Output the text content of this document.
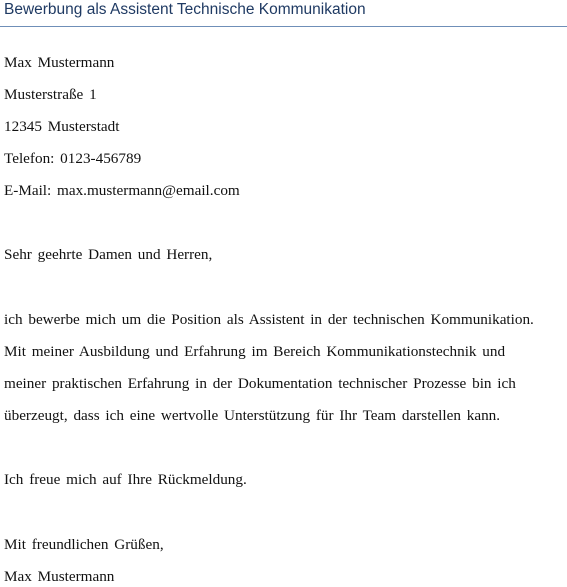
Bewerbung als Assistent Technische Kommunikation
Max Mustermann
Musterstraße 1
12345 Musterstadt
Telefon: 0123-456789
E-Mail: max.mustermann@email.com
Sehr geehrte Damen und Herren,
ich bewerbe mich um die Position als Assistent in der technischen Kommunikation.
Mit meiner Ausbildung und Erfahrung im Bereich Kommunikationstechnik und
meiner praktischen Erfahrung in der Dokumentation technischer Prozesse bin ich
überzeugt, dass ich eine wertvolle Unterstützung für Ihr Team darstellen kann.
Ich freue mich auf Ihre Rückmeldung.
Mit freundlichen Grüßen,
Max Mustermann
